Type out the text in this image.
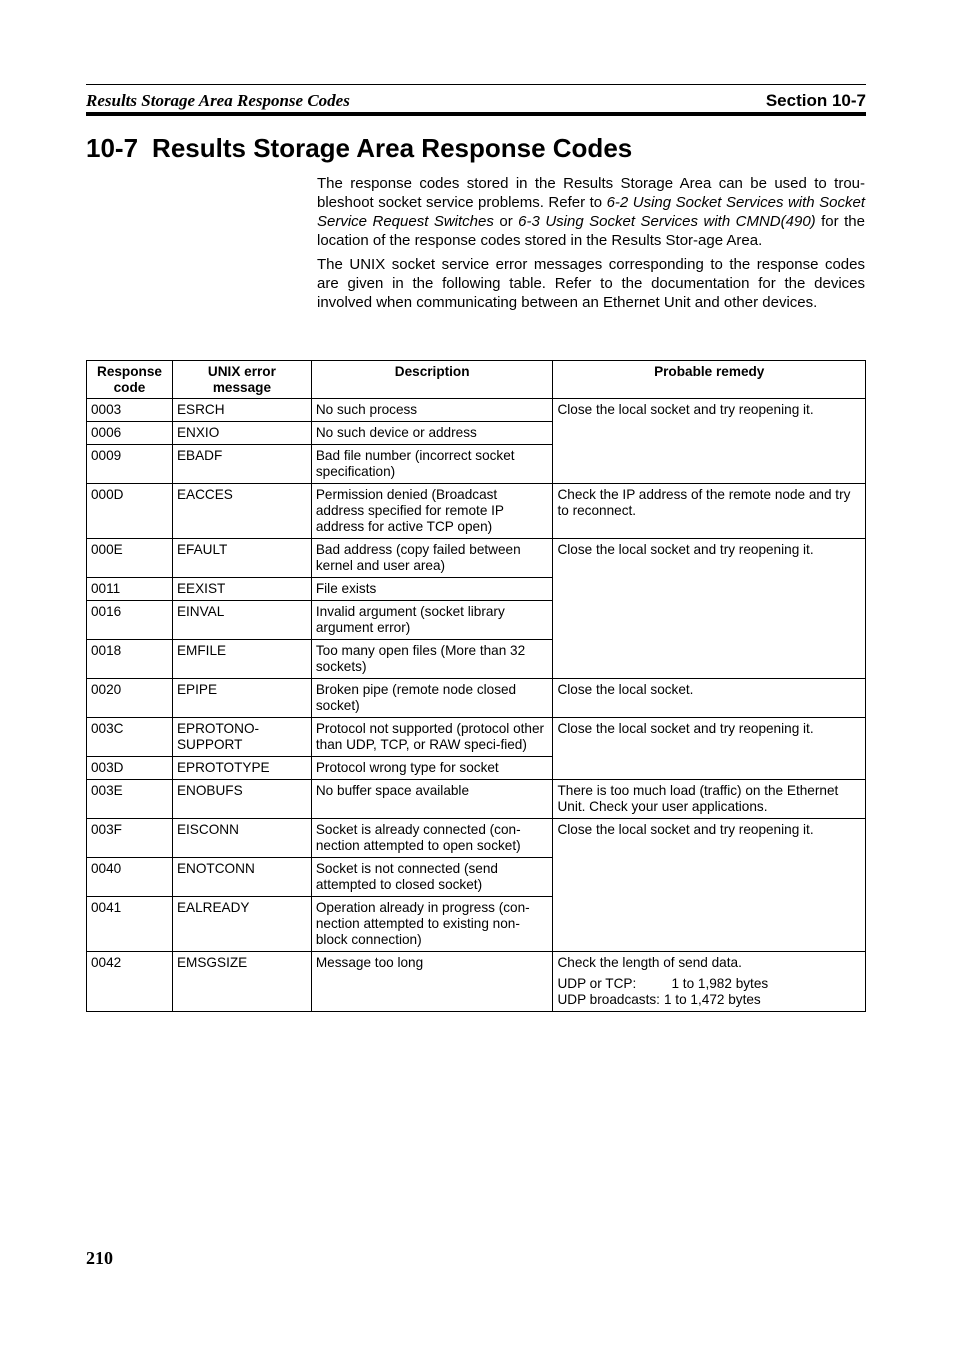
Results Storage Area Response Codes	Section 10-7
10-7 Results Storage Area Response Codes

The response codes stored in the Results Storage Area can be used to trou-bleshoot socket service problems. Refer to 6-2 Using Socket Services with Socket Service Request Switches or 6-3 Using Socket Services with CMND(490) for the location of the response codes stored in the Results Stor-age Area.

The UNIX socket service error messages corresponding to the response codes are given in the following table. Refer to the documentation for the devices involved when communicating between an Ethernet Unit and other devices.

Response code	UNIX error message	Description	Probable remedy
0003	ESRCH	No such process	Close the local socket and try reopening it.
0006	ENXIO	No such device or address	
0009	EBADF	Bad file number (incorrect socket specification)	
000D	EACCES	Permission denied (Broadcast address specified for remote IP address for active TCP open)	Check the IP address of the remote node and try to reconnect.
000E	EFAULT	Bad address (copy failed between kernel and user area)	Close the local socket and try reopening it.
0011	EEXIST	File exists	
0016	EINVAL	Invalid argument (socket library argument error)	
0018	EMFILE	Too many open files (More than 32 sockets)	
0020	EPIPE	Broken pipe (remote node closed socket)	Close the local socket.
003C	EPROTONO-SUPPORT	Protocol not supported (protocol other than UDP, TCP, or RAW speci-fied)	Close the local socket and try reopening it.
003D	EPROTOTYPE	Protocol wrong type for socket	
003E	ENOBUFS	No buffer space available	There is too much load (traffic) on the Ethernet Unit. Check your user applications.
003F	EISCONN	Socket is already connected (con-nection attempted to open socket)	Close the local socket and try reopening it.
0040	ENOTCONN	Socket is not connected (send attempted to closed socket)	
0041	EALREADY	Operation already in progress (con-nection attempted to existing non-block connection)	
0042	EMSGSIZE	Message too long	Check the length of send data.
UDP or TCP: 1 to 1,982 bytes
UDP broadcasts: 1 to 1,472 bytes
210
